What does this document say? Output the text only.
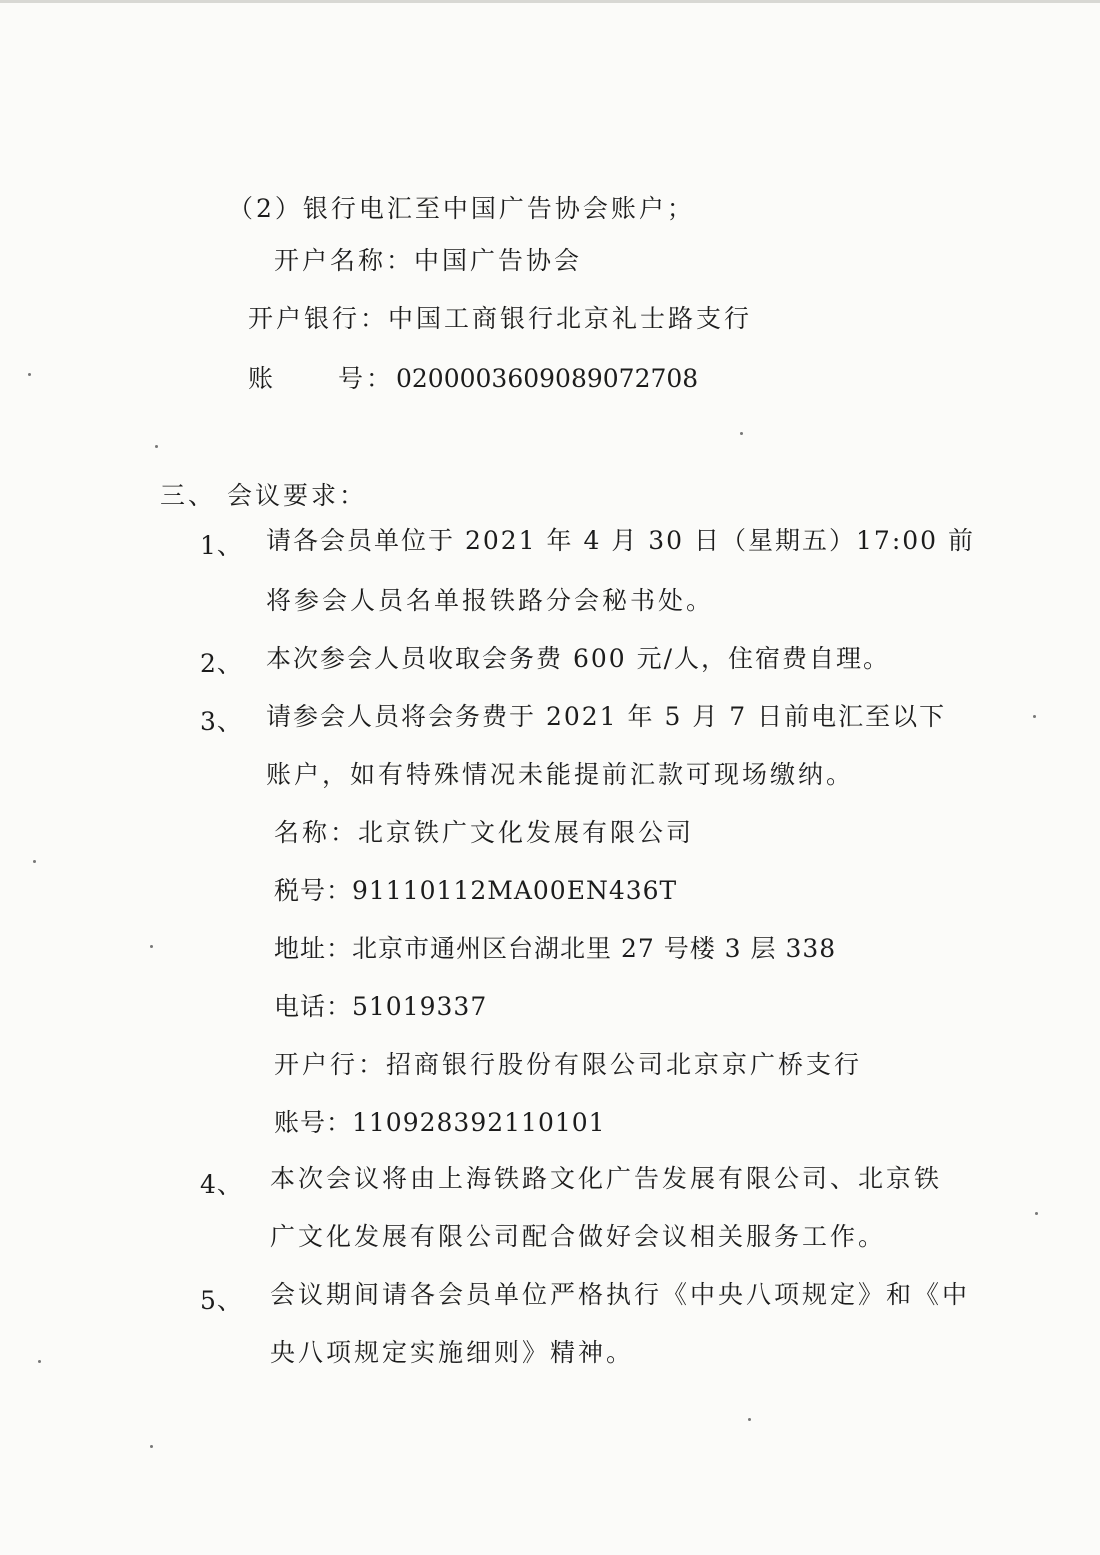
（2）银行电汇至中国广告协会账户；
开户名称：中国广告协会
开户银行：中国工商银行北京礼士路支行
账 号： 0200003609089072708
三、 会议要求：
1、 请各会员单位于 2021 年 4 月 30 日（星期五）17:00 前
将参会人员名单报铁路分会秘书处。
2、 本次参会人员收取会务费 600 元/人，住宿费自理。
3、 请参会人员将会务费于 2021 年 5 月 7 日前电汇至以下
账户，如有特殊情况未能提前汇款可现场缴纳。
名称：北京铁广文化发展有限公司
税号：91110112MA00EN436T
地址：北京市通州区台湖北里 27 号楼 3 层 338
电话：51019337
开户行：招商银行股份有限公司北京京广桥支行
账号：110928392110101
4、 本次会议将由上海铁路文化广告发展有限公司、北京铁
广文化发展有限公司配合做好会议相关服务工作。
5、 会议期间请各会员单位严格执行《中央八项规定》和《中
央八项规定实施细则》精神。
